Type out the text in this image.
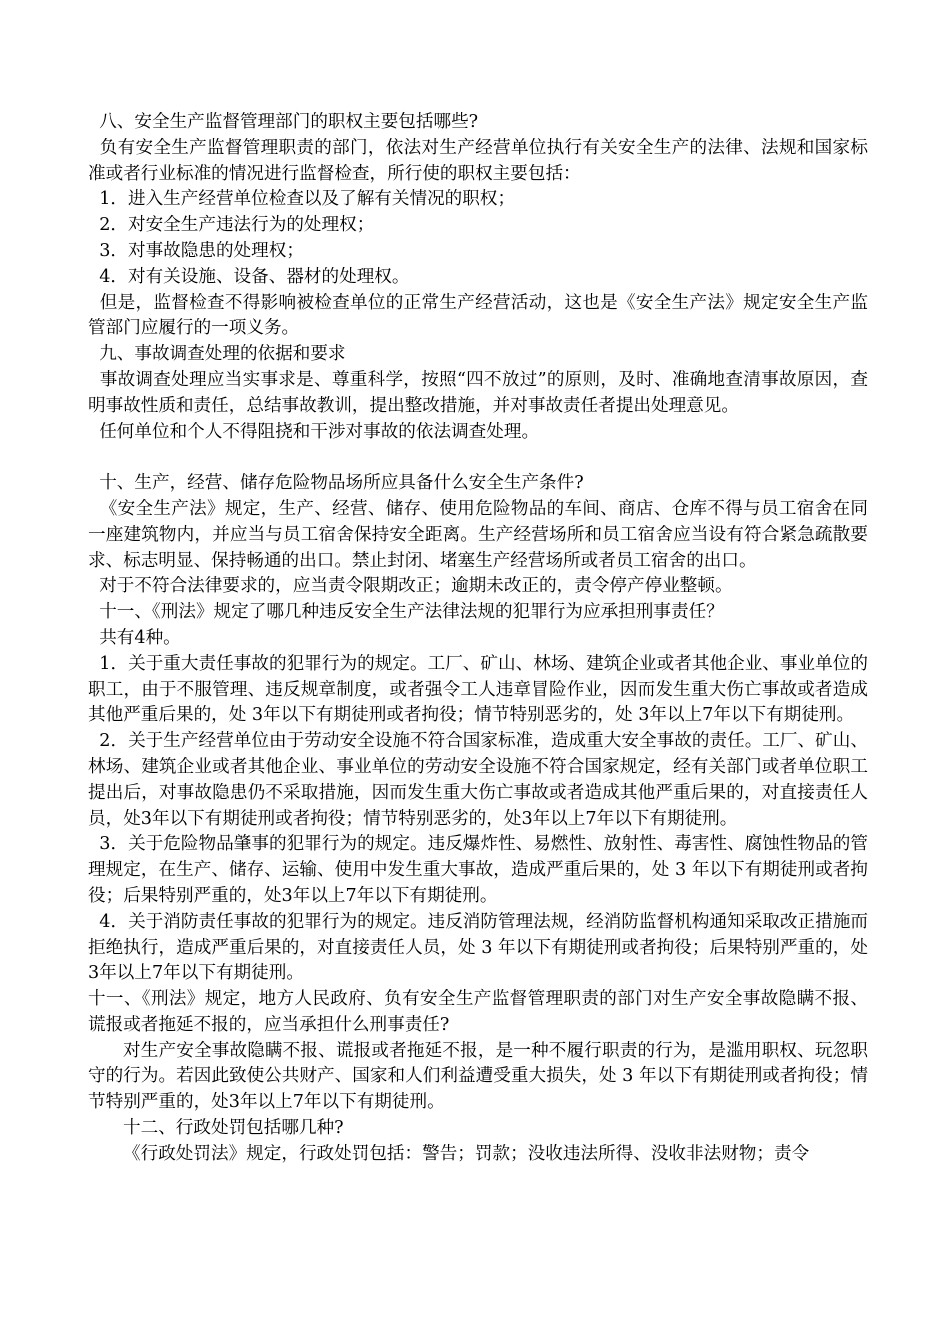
八、安全生产监督管理部门的职权主要包括哪些?

负有安全生产监督管理职责的部门，依法对生产经营单位执行有关安全生产的法律、法规和国家标准或者行业标准的情况进行监督检查，所行使的职权主要包括：

1．进入生产经营单位检查以及了解有关情况的职权；

2．对安全生产违法行为的处理权；

3．对事故隐患的处理权；

4．对有关设施、设备、器材的处理权。

但是，监督检查不得影响被检查单位的正常生产经营活动，这也是《安全生产法》规定安全生产监管部门应履行的一项义务。

九、事故调查处理的依据和要求

事故调查处理应当实事求是、尊重科学，按照“四不放过”的原则，及时、准确地查清事故原因，查明事故性质和责任，总结事故教训，提出整改措施，并对事故责任者提出处理意见。

任何单位和个人不得阻挠和干涉对事故的依法调查处理。

十、生产，经营、储存危险物品场所应具备什么安全生产条件?

《安全生产法》规定，生产、经营、储存、使用危险物品的车间、商店、仓库不得与员工宿舍在同一座建筑物内，并应当与员工宿舍保持安全距离。生产经营场所和员工宿舍应当设有符合紧急疏散要求、标志明显、保持畅通的出口。禁止封闭、堵塞生产经营场所或者员工宿舍的出口。

对于不符合法律要求的，应当责令限期改正；逾期未改正的，责令停产停业整顿。

十一、《刑法》规定了哪几种违反安全生产法律法规的犯罪行为应承担刑事责任？

共有4种。

1．关于重大责任事故的犯罪行为的规定。工厂、矿山、林场、建筑企业或者其他企业、事业单位的职工，由于不服管理、违反规章制度，或者强令工人违章冒险作业，因而发生重大伤亡事故或者造成其他严重后果的，处 3年以下有期徒刑或者拘役；情节特别恶劣的，处 3年以上7年以下有期徒刑。

2．关于生产经营单位由于劳动安全设施不符合国家标准，造成重大安全事故的责任。工厂、矿山、林场、建筑企业或者其他企业、事业单位的劳动安全设施不符合国家规定，经有关部门或者单位职工提出后，对事故隐患仍不采取措施，因而发生重大伤亡事故或者造成其他严重后果的，对直接责任人员，处3年以下有期徒刑或者拘役；情节特别恶劣的，处3年以上7年以下有期徒刑。

3．关于危险物品肇事的犯罪行为的规定。违反爆炸性、易燃性、放射性、毒害性、腐蚀性物品的管理规定，在生产、储存、运输、使用中发生重大事故，造成严重后果的，处 3 年以下有期徒刑或者拘役；后果特别严重的，处3年以上7年以下有期徒刑。

4．关于消防责任事故的犯罪行为的规定。违反消防管理法规，经消防监督机构通知采取改正措施而拒绝执行，造成严重后果的，对直接责任人员，处 3 年以下有期徒刑或者拘役；后果特别严重的，处3年以上7年以下有期徒刑。

十一、《刑法》规定，地方人民政府、负有安全生产监督管理职责的部门对生产安全事故隐瞒不报、谎报或者拖延不报的，应当承担什么刑事责任?

对生产安全事故隐瞒不报、谎报或者拖延不报，是一种不履行职责的行为，是滥用职权、玩忽职守的行为。若因此致使公共财产、国家和人们利益遭受重大损失，处 3 年以下有期徒刑或者拘役；情节特别严重的，处3年以上7年以下有期徒刑。

十二、行政处罚包括哪几种?

《行政处罚法》规定，行政处罚包括：警告；罚款；没收违法所得、没收非法财物；责令
